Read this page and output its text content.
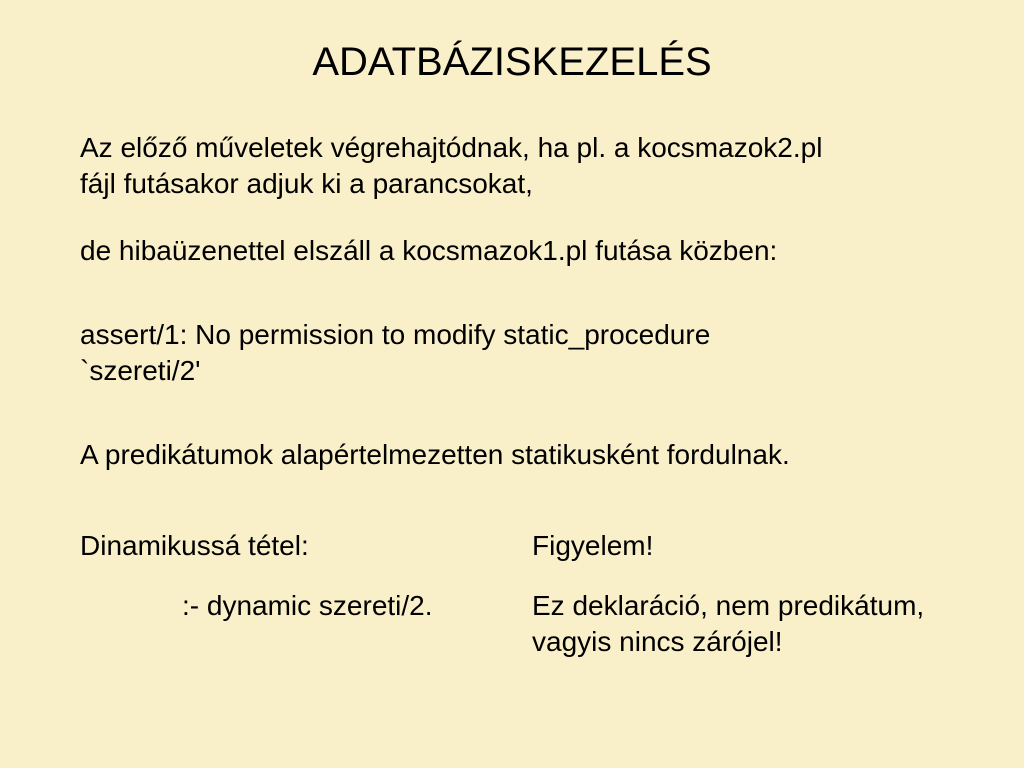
ADATBÁZISKEZELÉS
Az előző műveletek végrehajtódnak, ha pl. a kocsmazok2.pl
fájl futásakor adjuk ki a parancsokat,
de hibaüzenettel elszáll a kocsmazok1.pl futása közben:
assert/1: No permission to modify static_procedure
`szereti/2'
A predikátumok alapértelmezetten statikusként fordulnak.
Dinamikussá tétel:
:- dynamic szereti/2.
Figyelem!
Ez deklaráció, nem predikátum,
vagyis nincs zárójel!
